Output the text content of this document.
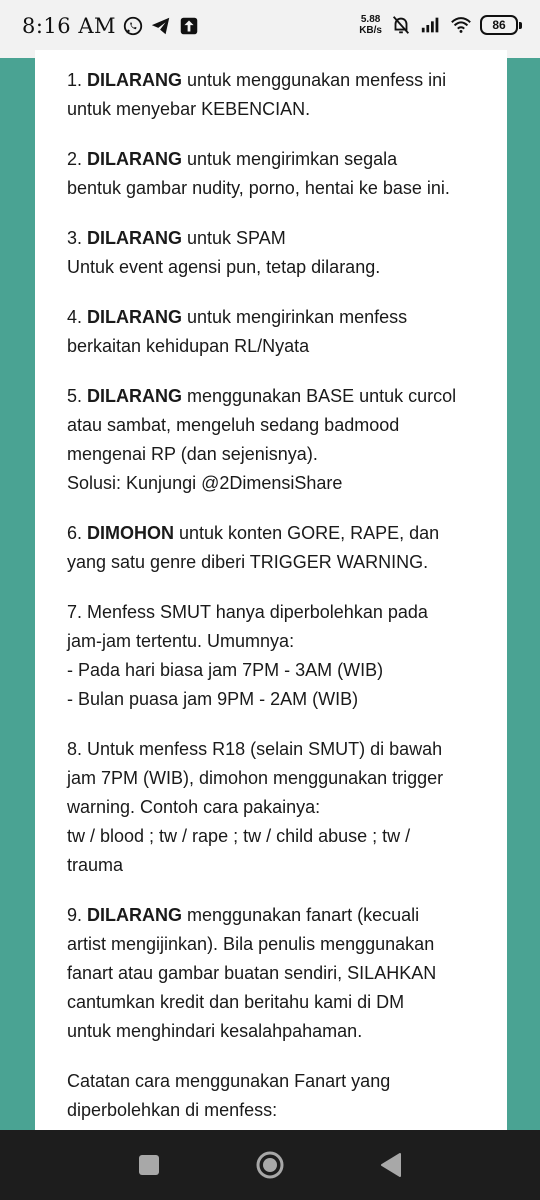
8:16 AM	5.88
KB/s	86
1. DILARANG untuk menggunakan menfess ini
untuk menyebar KEBENCIAN.
2. DILARANG untuk mengirimkan segala
bentuk gambar nudity, porno, hentai ke base ini.
3. DILARANG untuk SPAM
Untuk event agensi pun, tetap dilarang.
4. DILARANG untuk mengirinkan menfess
berkaitan kehidupan RL/Nyata
5. DILARANG menggunakan BASE untuk curcol
atau sambat, mengeluh sedang badmood
mengenai RP (dan sejenisnya).
Solusi: Kunjungi @2DimensiShare
6. DIMOHON untuk konten GORE, RAPE, dan
yang satu genre diberi TRIGGER WARNING.
7. Menfess SMUT hanya diperbolehkan pada
jam-jam tertentu. Umumnya:
- Pada hari biasa jam 7PM - 3AM (WIB)
- Bulan puasa jam 9PM - 2AM (WIB)
8. Untuk menfess R18 (selain SMUT) di bawah
jam 7PM (WIB), dimohon menggunakan trigger
warning. Contoh cara pakainya:
tw / blood ; tw / rape ; tw / child abuse ; tw /
trauma
9. DILARANG menggunakan fanart (kecuali
artist mengijinkan). Bila penulis menggunakan
fanart atau gambar buatan sendiri, SILAHKAN
cantumkan kredit dan beritahu kami di DM
untuk menghindari kesalahpahaman.
Catatan cara menggunakan Fanart yang
diperbolehkan di menfess:
